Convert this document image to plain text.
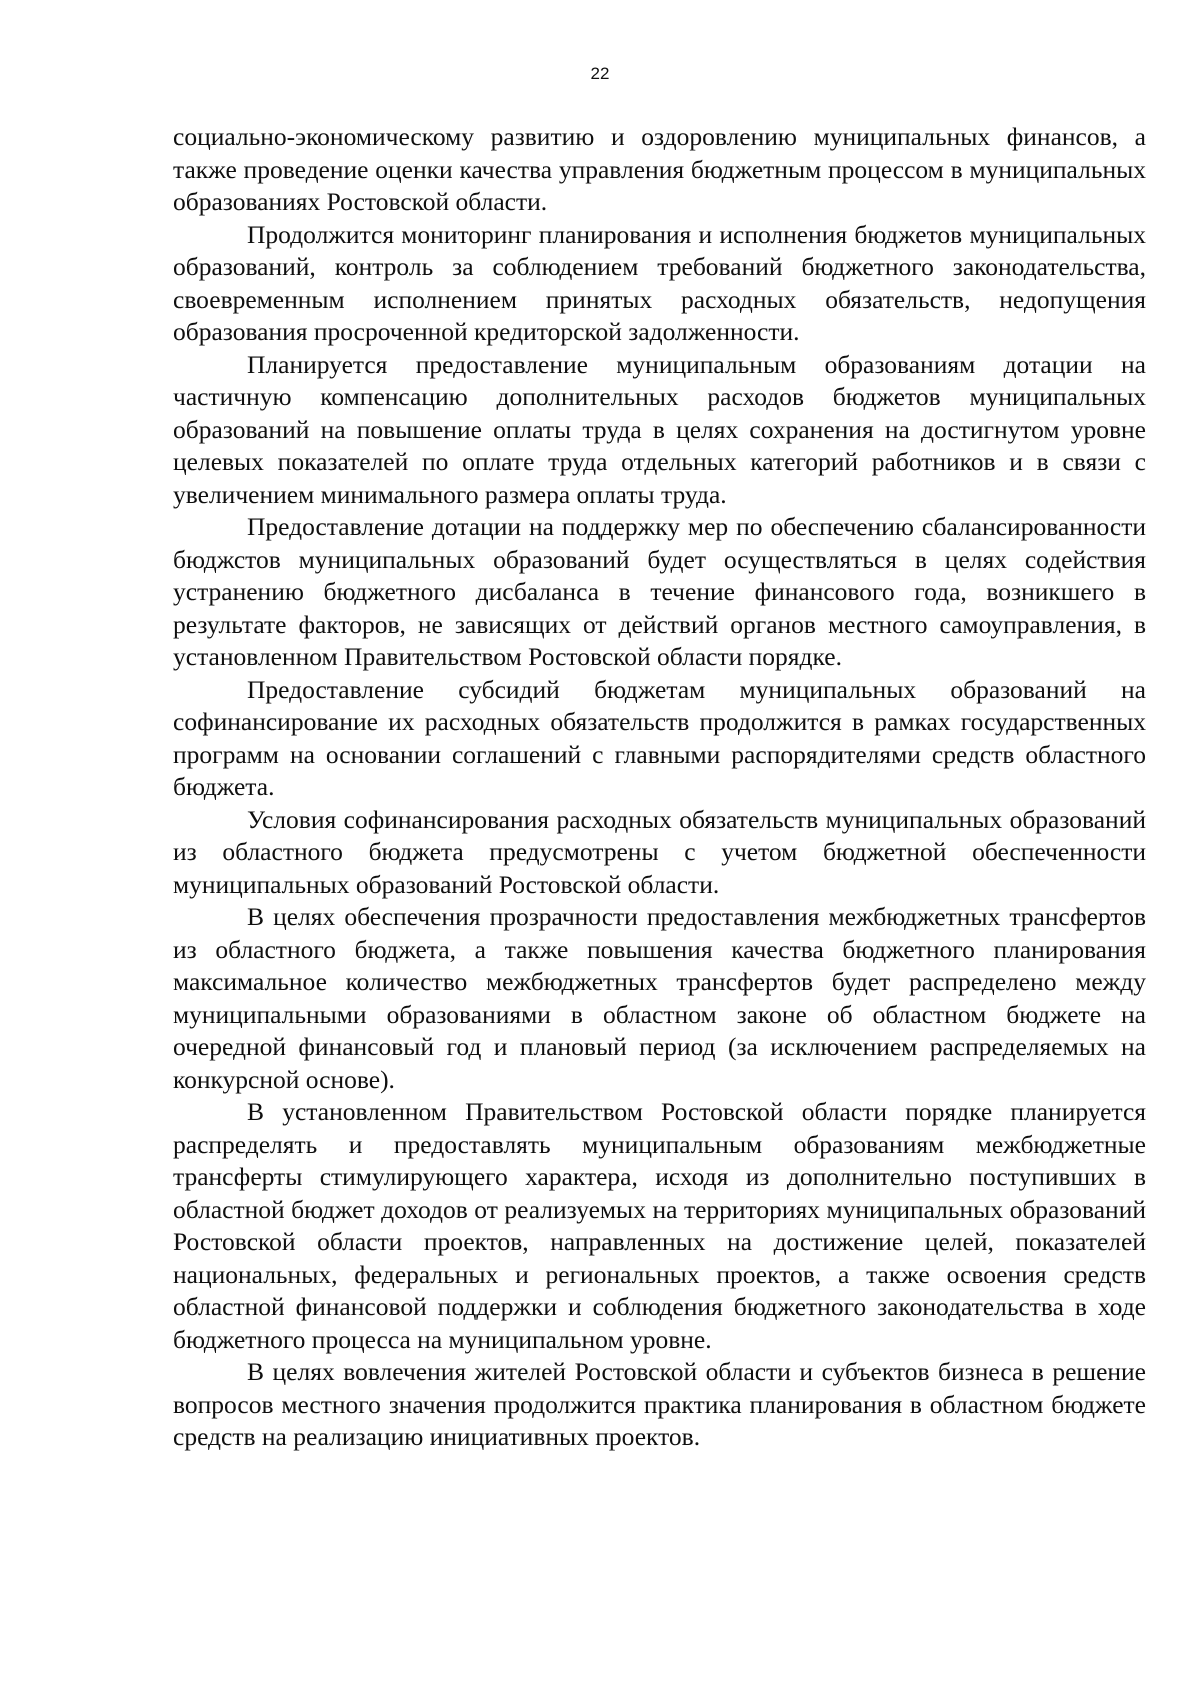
22

социально-экономическому развитию и оздоровлению муниципальных финансов, а также проведение оценки качества управления бюджетным процессом в муниципальных образованиях Ростовской области.

Продолжится мониторинг планирования и исполнения бюджетов муниципальных образований, контроль за соблюдением требований бюджетного законодательства, своевременным исполнением принятых расходных обязательств, недопущения образования просроченной кредиторской задолженности.

Планируется предоставление муниципальным образованиям дотации на частичную компенсацию дополнительных расходов бюджетов муниципальных образований на повышение оплаты труда в целях сохранения на достигнутом уровне целевых показателей по оплате труда отдельных категорий работников и в связи с увеличением минимального размера оплаты труда.

Предоставление дотации на поддержку мер по обеспечению сбалансированности бюджстов муниципальных образований будет осуществляться в целях содействия устранению бюджетного дисбаланса в течение финансового года, возникшего в результате факторов, не зависящих от действий органов местного самоуправления, в установленном Правительством Ростовской области порядке.

Предоставление субсидий бюджетам муниципальных образований на софинансирование их расходных обязательств продолжится в рамках государственных программ на основании соглашений с главными распорядителями средств областного бюджета.

Условия софинансирования расходных обязательств муниципальных образований из областного бюджета предусмотрены с учетом бюджетной обеспеченности муниципальных образований Ростовской области.

В целях обеспечения прозрачности предоставления межбюджетных трансфертов из областного бюджета, а также повышения качества бюджетного планирования максимальное количество межбюджетных трансфертов будет распределено между муниципальными образованиями в областном законе об областном бюджете на очередной финансовый год и плановый период (за исключением распределяемых на конкурсной основе).

В установленном Правительством Ростовской области порядке планируется распределять и предоставлять муниципальным образованиям межбюджетные трансферты стимулирующего характера, исходя из дополнительно поступивших в областной бюджет доходов от реализуемых на территориях муниципальных образований Ростовской области проектов, направленных на достижение целей, показателей национальных, федеральных и региональных проектов, а также освоения средств областной финансовой поддержки и соблюдения бюджетного законодательства в ходе бюджетного процесса на муниципальном уровне.

В целях вовлечения жителей Ростовской области и субъектов бизнеса в решение вопросов местного значения продолжится практика планирования в областном бюджете средств на реализацию инициативных проектов.
